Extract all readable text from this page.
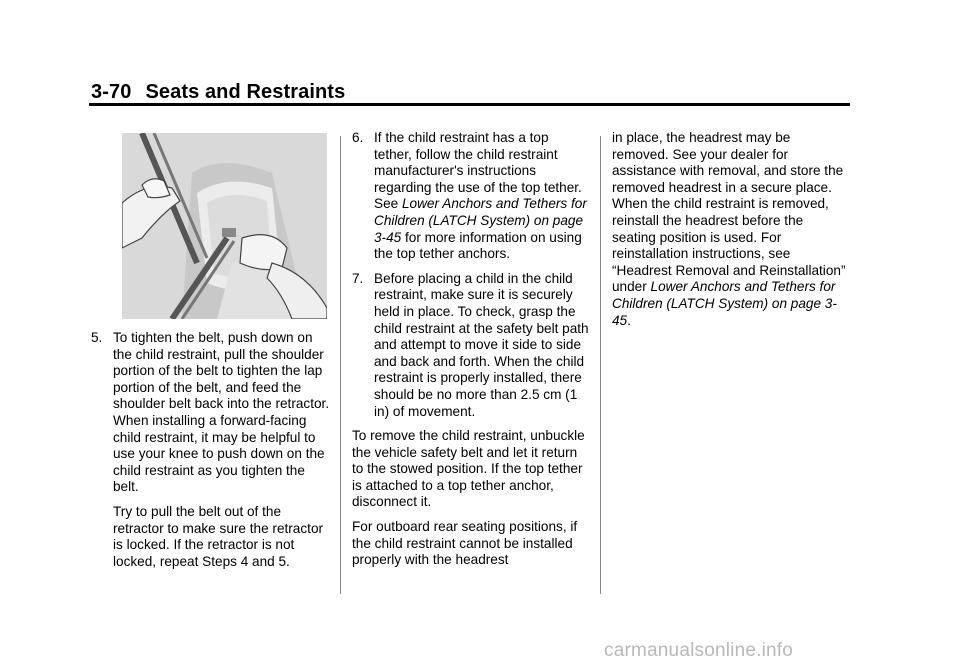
3-70 Seats and Restraints
5. To tighten the belt, push down on the child restraint, pull the shoulder portion of the belt to tighten the lap portion of the belt, and feed the shoulder belt back into the retractor. When installing a forward-facing child restraint, it may be helpful to use your knee to push down on the child restraint as you tighten the belt.

Try to pull the belt out of the retractor to make sure the retractor is locked. If the retractor is not locked, repeat Steps 4 and 5.

6. If the child restraint has a top tether, follow the child restraint manufacturer's instructions regarding the use of the top tether. See Lower Anchors and Tethers for Children (LATCH System) on page 3-45 for more information on using the top tether anchors.
7. Before placing a child in the child restraint, make sure it is securely held in place. To check, grasp the child restraint at the safety belt path and attempt to move it side to side and back and forth. When the child restraint is properly installed, there should be no more than 2.5 cm (1 in) of movement.

To remove the child restraint, unbuckle the vehicle safety belt and let it return to the stowed position. If the top tether is attached to a top tether anchor, disconnect it.

For outboard rear seating positions, if the child restraint cannot be installed properly with the headrest

in place, the headrest may be removed. See your dealer for assistance with removal, and store the removed headrest in a secure place. When the child restraint is removed, reinstall the headrest before the seating position is used. For reinstallation instructions, see “Headrest Removal and Reinstallation” under Lower Anchors and Tethers for Children (LATCH System) on page 3-45.

carmanualsonline.info
